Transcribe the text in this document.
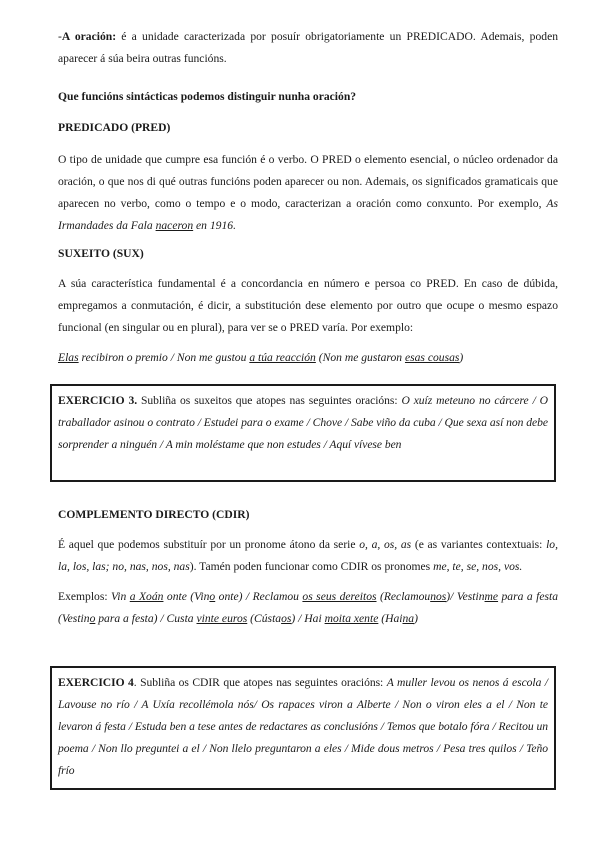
-A oración: é a unidade caracterizada por posuír obrigatoriamente un PREDICADO. Ademais, poden aparecer á súa beira outras funcións.

Que funcións sintácticas podemos distinguir nunha oración?

PREDICADO (PRED)

O tipo de unidade que cumpre esa función é o verbo. O PRED o elemento esencial, o núcleo ordenador da oración, o que nos di qué outras funcións poden aparecer ou non. Ademais, os significados gramaticais que aparecen no verbo, como o tempo e o modo, caracterizan a oración como conxunto. Por exemplo, As Irmandades da Fala naceron en 1916.

SUXEITO (SUX)

A súa característica fundamental é a concordancia en número e persoa co PRED. En caso de dúbida, empregamos a conmutación, é dicir, a substitución dese elemento por outro que ocupe o mesmo espazo funcional (en singular ou en plural), para ver se o PRED varía. Por exemplo:

Elas recibiron o premio / Non me gustou a túa reacción (Non me gustaron esas cousas)

EXERCICIO 3. Subliña os suxeitos que atopes nas seguintes oracións: O xuíz meteuno no cárcere / O traballador asinou o contrato / Estudei para o exame / Chove / Sabe viño da cuba / Que sexa así non debe sorprender a ninguén / A min moléstame que non estudes / Aquí vívese ben

COMPLEMENTO DIRECTO (CDIR)

É aquel que podemos substituír por un pronome átono da serie o, a, os, as (e as variantes contextuais: lo, la, los, las; no, nas, nos, nas). Tamén poden funcionar como CDIR os pronomes me, te, se, nos, vos.

Exemplos: Vin a Xoán onte (Vino onte) / Reclamou os seus dereitos (Reclamounos)/ Vestinme para a festa (Vestino para a festa) / Custa vinte euros (Cústaos) / Hai moita xente (Haina)

EXERCICIO 4. Subliña os CDIR que atopes nas seguintes oracións: A muller levou os nenos á escola / Lavouse no río / A Uxía recollémola nós/ Os rapaces viron a Alberte / Non o viron eles a el / Non te levaron á festa / Estuda ben a tese antes de redactares as conclusións / Temos que botalo fóra / Recitou un poema / Non llo preguntei a el / Non llelo preguntaron a eles / Mide dous metros / Pesa tres quilos / Teño frío
